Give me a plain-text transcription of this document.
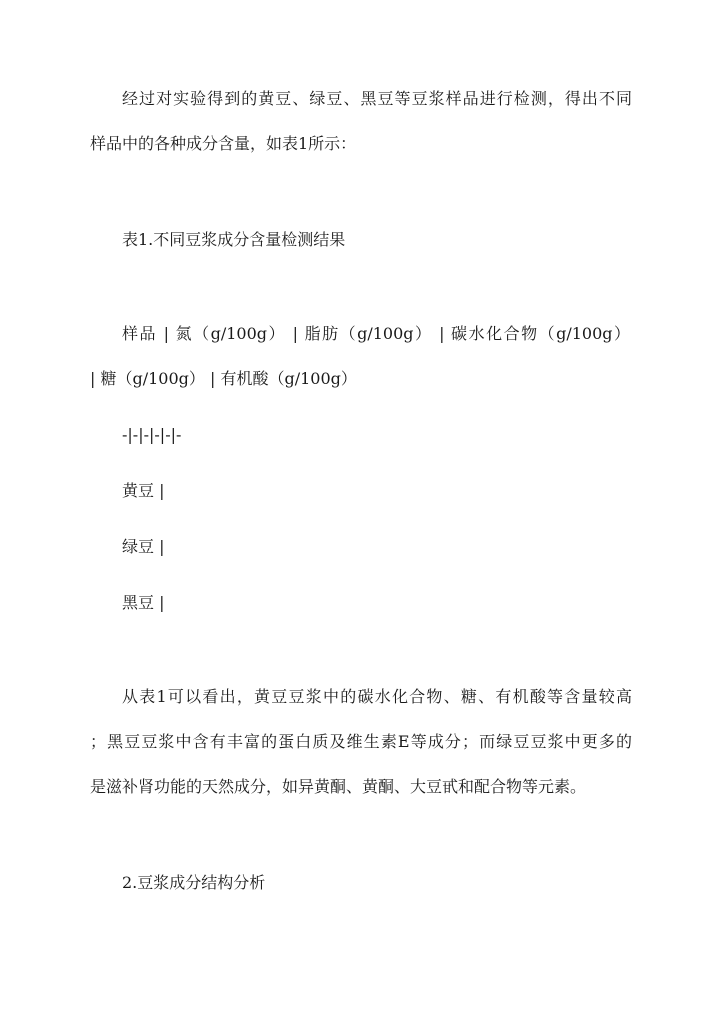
经过对实验得到的黄豆、绿豆、黑豆等豆浆样品进行检测，得出不同

样品中的各种成分含量，如表1所示：

表1.不同豆浆成分含量检测结果

样品 | 氮（g/100g） | 脂肪（g/100g） | 碳水化合物（g/100g）

| 糖（g/100g） | 有机酸（g/100g）

-|-|-|-|-|-

黄豆 |

绿豆 |

黑豆 |

从表1可以看出，黄豆豆浆中的碳水化合物、糖、有机酸等含量较高

；黑豆豆浆中含有丰富的蛋白质及维生素E等成分；而绿豆豆浆中更多的

是滋补肾功能的天然成分，如异黄酮、黄酮、大豆甙和配合物等元素。

2.豆浆成分结构分析
